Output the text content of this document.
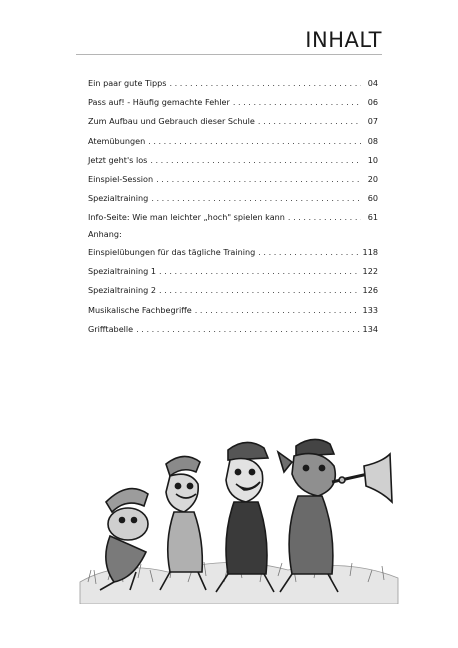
INHALT
Ein paar gute Tipps . . .	04
Pass auf! - Häufig gemachte Fehler . . .	06
Zum Aufbau und Gebrauch dieser Schule . . .	07
Atemübungen . . .	08
Jetzt geht's los . . .	10
Einspiel-Session . . .	20
Spezialtraining . . .	60
Info-Seite: Wie man leichter „hoch" spielen kann . . .	61
Anhang:
Einspielübungen für das tägliche Training . . .	118
Spezialtraining 1 . . .	122
Spezialtraining 2 . . .	126
Musikalische Fachbegriffe . . .	133
Grifftabelle . . .	134
